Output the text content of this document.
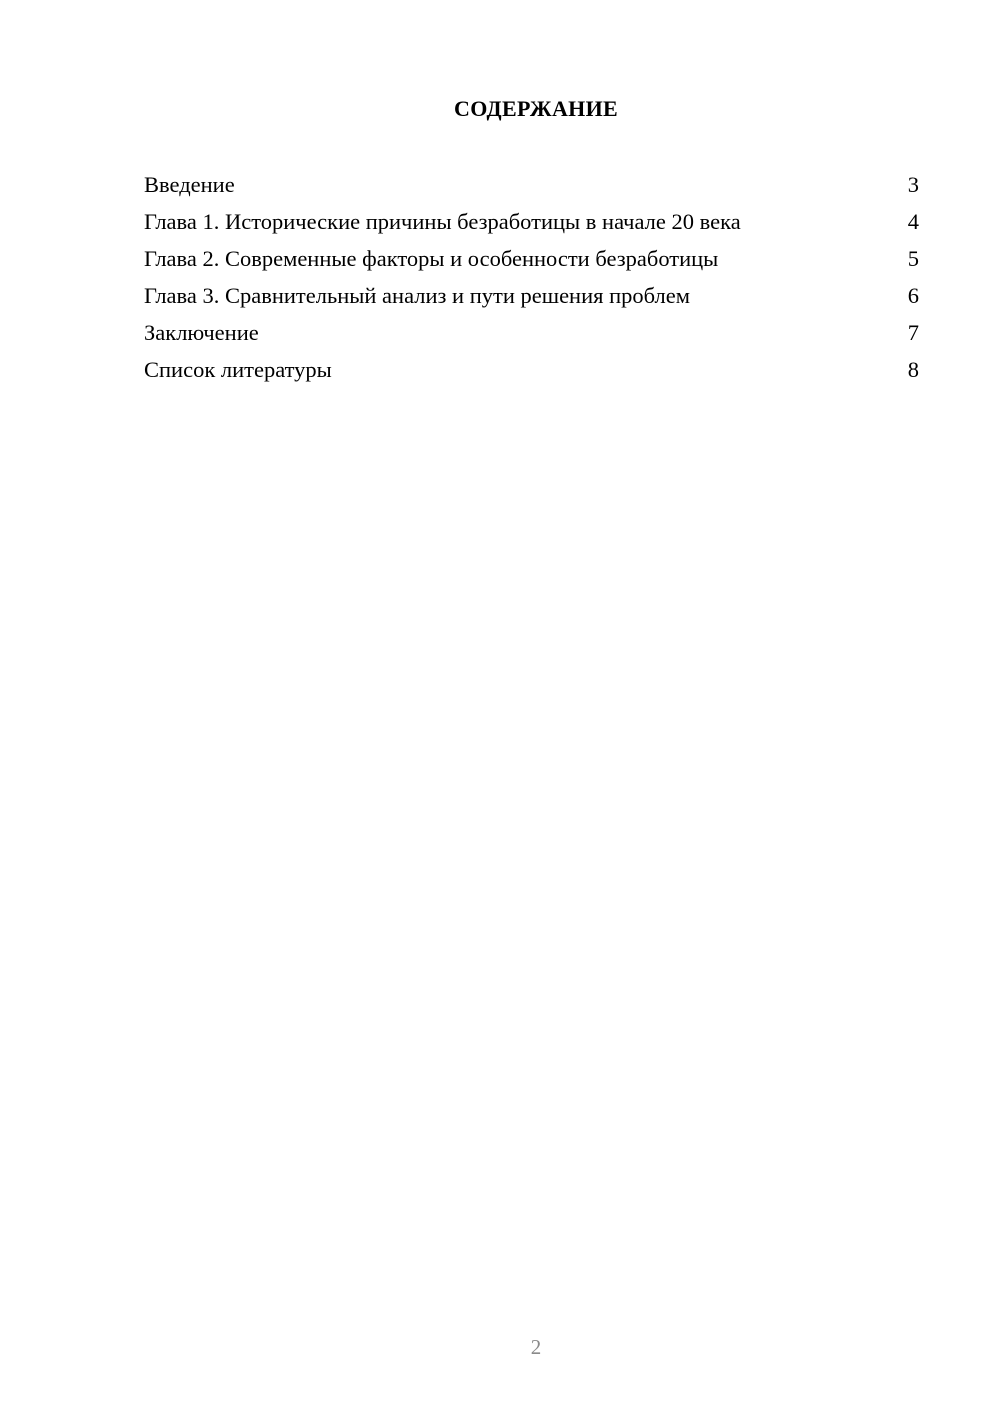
СОДЕРЖАНИЕ
Введение	3
Глава 1. Исторические причины безработицы в начале 20 века	4
Глава 2. Современные факторы и особенности безработицы	5
Глава 3. Сравнительный анализ и пути решения проблем	6
Заключение	7
Список литературы	8
2
